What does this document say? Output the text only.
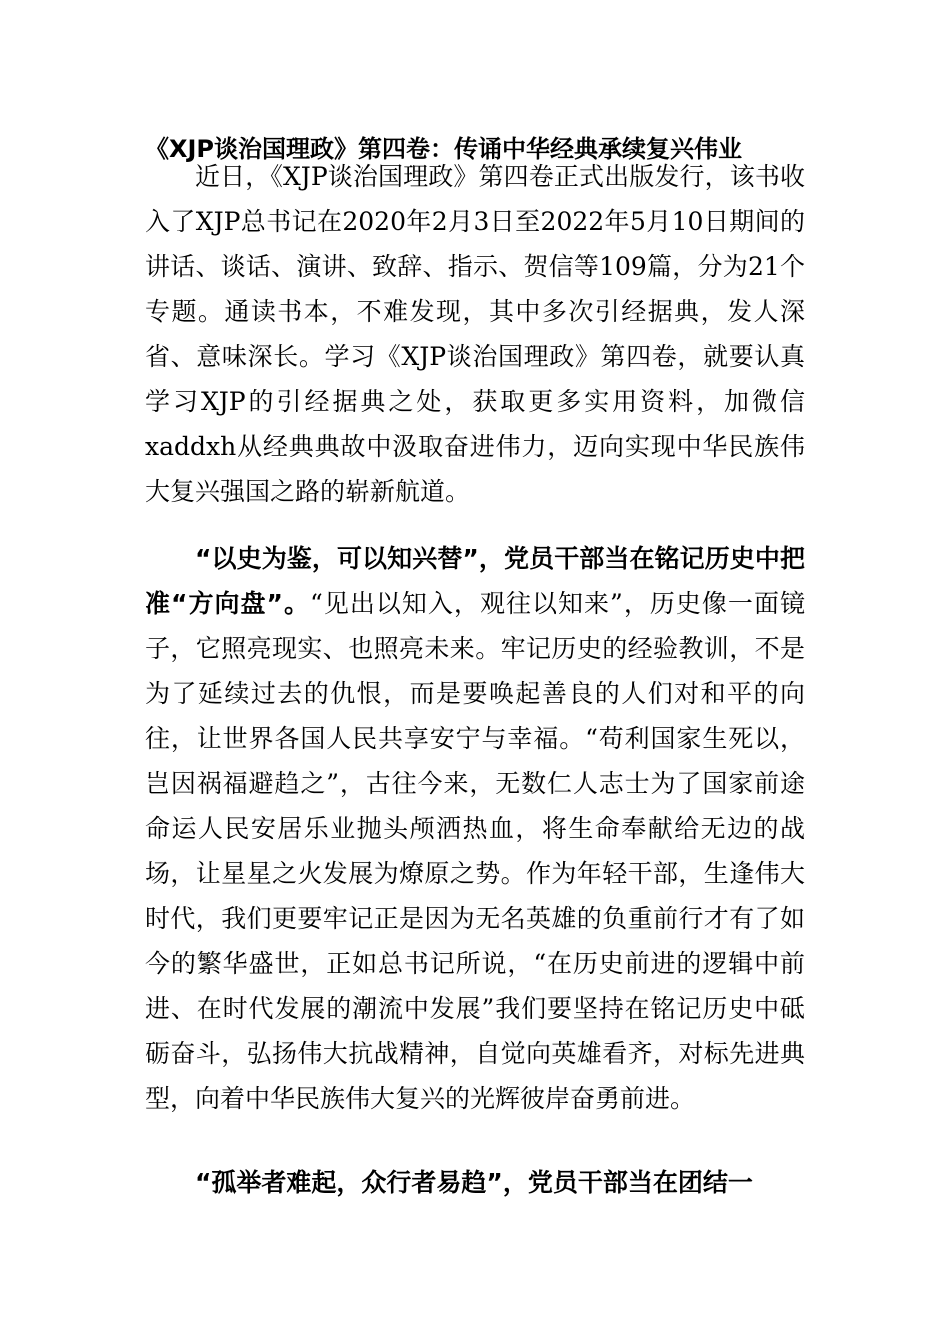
《XJP谈治国理政》第四卷：传诵中华经典承续复兴伟业
近日，《XJP谈治国理政》第四卷正式出版发行，该书收入了XJP总书记在2020年2月3日至2022年5月10日期间的讲话、谈话、演讲、致辞、指示、贺信等109篇，分为21个专题。通读书本，不难发现，其中多次引经据典，发人深省、意味深长。学习《XJP谈治国理政》第四卷，就要认真学习XJP的引经据典之处，获取更多实用资料，加微信xaddxh从经典典故中汲取奋进伟力，迈向实现中华民族伟大复兴强国之路的崭新航道。
“以史为鉴，可以知兴替”，党员干部当在铭记历史中把准“方向盘”。“见出以知入，观往以知来”，历史像一面镜子，它照亮现实、也照亮未来。牢记历史的经验教训，不是为了延续过去的仇恨，而是要唤起善良的人们对和平的向往，让世界各国人民共享安宁与幸福。“苟利国家生死以，岂因祸福避趋之”，古往今来，无数仁人志士为了国家前途命运人民安居乐业抛头颅洒热血，将生命奉献给无边的战场，让星星之火发展为燎原之势。作为年轻干部，生逢伟大时代，我们更要牢记正是因为无名英雄的负重前行才有了如今的繁华盛世，正如总书记所说，“在历史前进的逻辑中前进、在时代发展的潮流中发展”我们要坚持在铭记历史中砥砺奋斗，弘扬伟大抗战精神，自觉向英雄看齐，对标先进典型，向着中华民族伟大复兴的光辉彼岸奋勇前进。
“孤举者难起，众行者易趋”，党员干部当在团结一
